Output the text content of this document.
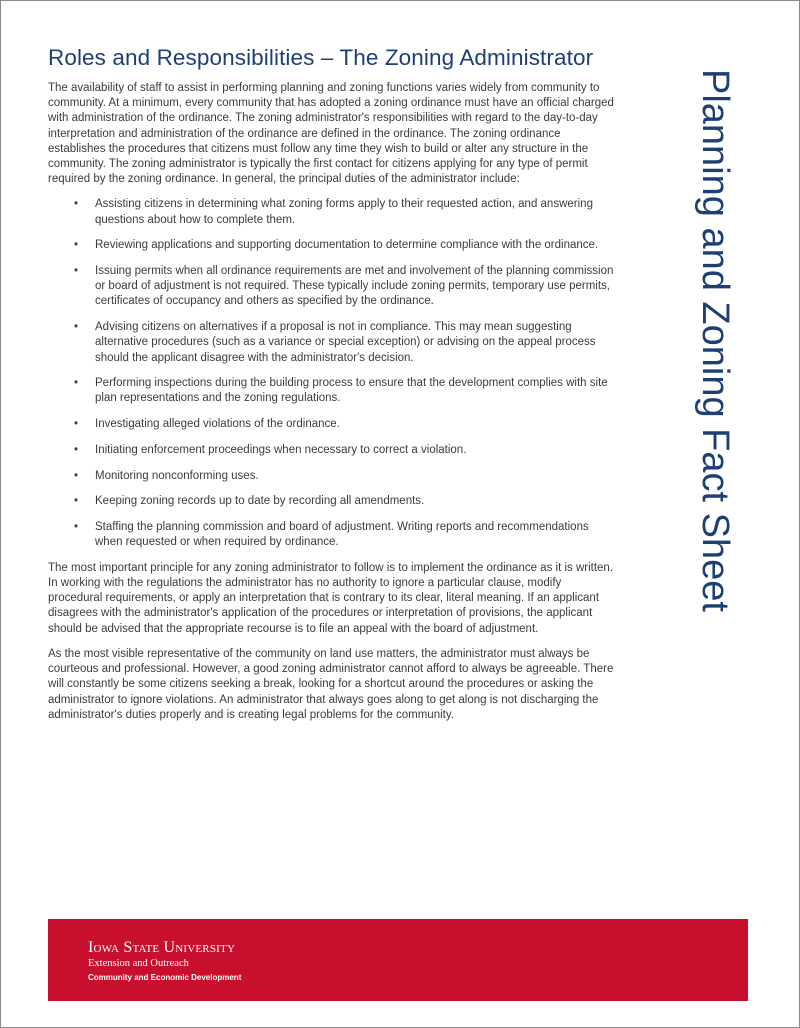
Roles and Responsibilities – The Zoning Administrator

The availability of staff to assist in performing planning and zoning functions varies widely from community to community. At a minimum, every community that has adopted a zoning ordinance must have an official charged with administration of the ordinance. The zoning administrator's responsibilities with regard to the day-to-day interpretation and administration of the ordinance are defined in the ordinance. The zoning ordinance establishes the procedures that citizens must follow any time they wish to build or alter any structure in the community. The zoning administrator is typically the first contact for citizens applying for any type of permit required by the zoning ordinance. In general, the principal duties of the administrator include:

• Assisting citizens in determining what zoning forms apply to their requested action, and answering questions about how to complete them.
• Reviewing applications and supporting documentation to determine compliance with the ordinance.
• Issuing permits when all ordinance requirements are met and involvement of the planning commission or board of adjustment is not required. These typically include zoning permits, temporary use permits, certificates of occupancy and others as specified by the ordinance.
• Advising citizens on alternatives if a proposal is not in compliance. This may mean suggesting alternative procedures (such as a variance or special exception) or advising on the appeal process should the applicant disagree with the administrator's decision.
• Performing inspections during the building process to ensure that the development complies with site plan representations and the zoning regulations.
• Investigating alleged violations of the ordinance.
• Initiating enforcement proceedings when necessary to correct a violation.
• Monitoring nonconforming uses.
• Keeping zoning records up to date by recording all amendments.
• Staffing the planning commission and board of adjustment. Writing reports and recommendations when requested or when required by ordinance.

The most important principle for any zoning administrator to follow is to implement the ordinance as it is written. In working with the regulations the administrator has no authority to ignore a particular clause, modify procedural requirements, or apply an interpretation that is contrary to its clear, literal meaning. If an applicant disagrees with the administrator's application of the procedures or interpretation of provisions, the applicant should be advised that the appropriate recourse is to file an appeal with the board of adjustment.

As the most visible representative of the community on land use matters, the administrator must always be courteous and professional. However, a good zoning administrator cannot afford to always be agreeable. There will constantly be some citizens seeking a break, looking for a shortcut around the procedures or asking the administrator to ignore violations. An administrator that always goes along to get along is not discharging the administrator's duties properly and is creating legal problems for the community.

Planning and Zoning Fact Sheet
Iowa State University
Extension and Outreach
Community and Economic Development
